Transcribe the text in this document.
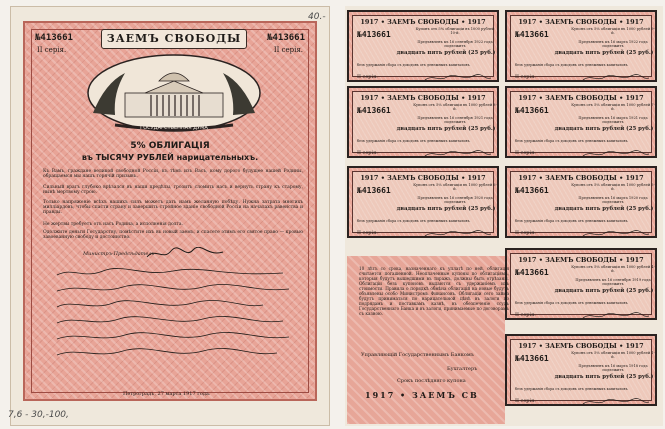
№413661	№413661
II серія.	II серія.
ЗАЕМЪ СВОБОДЫ
ГОСУДАРСТВЕННАЯ ДУМА
5% ОБЛИГАЦІЯ
въ ТЫСЯЧУ РУБЛЕЙ нарицательныхъ.

Къ Вамъ, граждане великой свободной Россіи, къ тѣмъ изъ Васъ, кому дорого будущее нашей Родины, обращаемся мы нашъ горячій призывъ.

Сильный врагъ глубоко врѣзался въ наши предѣлы, грозитъ сломить насъ и вернуть страну къ старому, нынѣ мертвому строю.

Только напряженіе всѣхъ нашихъ силъ можетъ дать намъ желанную побѣду. Нужна затрата многихъ милліардовъ, чтобы спасти страну и завершить стройное зданіе свободной Россіи на началахъ равенства и правды.

Не жертвы требуетъ отъ насъ Родина, а исполненія долга.

Одолжите деньги Государству, помѣстите ихъ въ новый заемъ, и спасете этимъ его святое право — кровью завоеванную свободу и достоинство.

Министръ-Предсѣдатель
Петроградъ, 27 марта 1917 года.
40.-
7,6 - 30,-100,
1917 • ЗАЕМЪ СВОБОДЫ • 1917
№413661
Купонъ отъ 5% облигаціи въ 1000 рублей 10-й.
Предъявленъ къ 16 сентября 1922 года подлежитъ
двадцать пять рублей (25 руб.)
безъ удержанія сбора съ доходовъ отъ денежныхъ капиталовъ.
II серія.
1917 • ЗАЕМЪ СВОБОДЫ • 1917
№413661
Купонъ отъ 5% облигаціи въ 1000 рублей 9-й.
Предъявленъ къ 16 марта 1922 года подлежитъ
двадцать пять рублей (25 руб.)
безъ удержанія сбора съ доходовъ отъ денежныхъ капиталовъ.
II серія.
1917 • ЗАЕМЪ СВОБОДЫ • 1917
№413661
Купонъ отъ 5% облигаціи въ 1000 рублей 8-й.
Предъявленъ къ 16 сентября 1921 года подлежитъ
двадцать пять рублей (25 руб.)
безъ удержанія сбора съ доходовъ отъ денежныхъ капиталовъ.
II серія.
1917 • ЗАЕМЪ СВОБОДЫ • 1917
№413661
Купонъ отъ 5% облигаціи въ 1000 рублей 7-й.
Предъявленъ къ 16 марта 1921 года подлежитъ
двадцать пять рублей (25 руб.)
безъ удержанія сбора съ доходовъ отъ денежныхъ капиталовъ.
II серія.
1917 • ЗАЕМЪ СВОБОДЫ • 1917
№413661
Купонъ отъ 5% облигаціи въ 1000 рублей 6-й.
Предъявленъ къ 16 сентября 1920 года подлежитъ
двадцать пять рублей (25 руб.)
безъ удержанія сбора съ доходовъ отъ денежныхъ капиталовъ.
II серія.
1917 • ЗАЕМЪ СВОБОДЫ • 1917
№413661
Купонъ отъ 5% облигаціи въ 1000 рублей 5-й.
Предъявленъ къ 16 марта 1920 года подлежитъ
двадцать пять рублей (25 руб.)
безъ удержанія сбора съ доходовъ отъ денежныхъ капиталовъ.
II серія.
1917 • ЗАЕМЪ СВОБОДЫ • 1917
№413661
Купонъ отъ 5% облигаціи въ 1000 рублей 4-й.
Предъявленъ къ 16 сентября 1919 года подлежитъ
двадцать пять рублей (25 руб.)
безъ удержанія сбора съ доходовъ отъ денежныхъ капиталовъ.
II серія.
1917 • ЗАЕМЪ СВОБОДЫ • 1917
№413661
Купонъ отъ 5% облигаціи въ 1000 рублей 1-й.
Предъявленъ къ 16 марта 1918 года подлежитъ
двадцать пять рублей (25 руб.)
безъ удержанія сбора съ доходовъ отъ денежныхъ капиталовъ.
II серія.

10 лѣтъ со срока, назначеннаго къ уплатѣ по ней, облигація считается погашенной. Неоплаченные купоны по облигаціямъ, которыя будутъ вышедшими въ тиражъ, должны быть отрѣзаны. Облигаціи безъ купоновъ выдаются съ удержаніемъ ихъ стоимости. Правила о порядкѣ обмѣна облигацій на новые будутъ объявлены особо Министромъ Финансовъ. Облигаціи сего займа будутъ приниматься по нарицательной цѣнѣ въ залоги по подрядамъ и поставкамъ казнѣ, въ обезпеченіе ссудъ Государственнаго Банка и въ залоги, принимаемые по договорамъ съ казною.

Управляющій Государственнымъ Банкомъ
Бухгалтеръ
Срокъ послѣдняго купона
1917 • ЗАЕМЪ СВ
